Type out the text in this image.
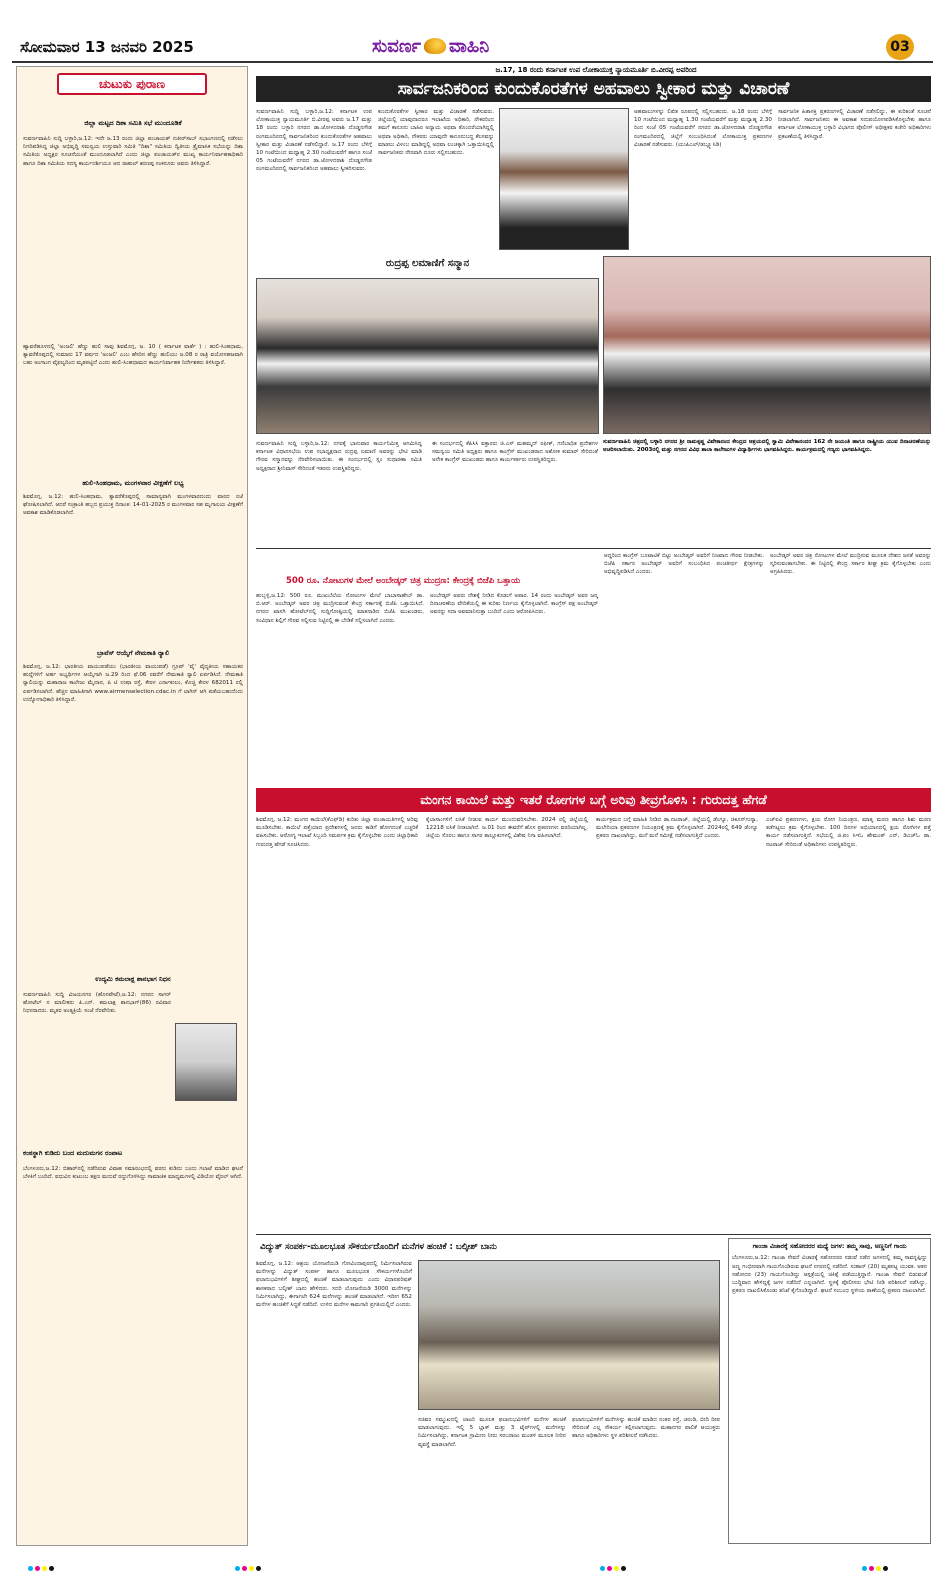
ಸೋಮವಾರ 13 ಜನವರಿ 2025	ಸುವರ್ಣ ವಾಹಿನಿ	03
ಚುಟುಕು ಪುರಾಣ
ಜಿಲ್ಲಾ ಮಟ್ಟದ ದಿಶಾ ಸಮಿತಿ ಸಭೆ ಮುಂದೂಡಿಕೆ
ಸುವರ್ಣವಾಹಿನಿ ಸುದ್ದಿ ಬಳ್ಳಾರಿ,ಜ.12: ಇದೇ ಜ.13 ರಂದು ಜಿಲ್ಲಾ ಪಂಚಾಯತ್ ನಜೀರ್‌ಸಾಬ್ ಸಭಾಂಗಣದಲ್ಲಿ ನಡೆಸಲು ನಿಗದಿಪಡಿಸಿದ್ದ ಜಿಲ್ಲಾ ಅಭಿವೃದ್ಧಿ ಸಮನ್ವಯ ಉಸ್ತುವಾರಿ ಸಮಿತಿ "ದಿಶಾ" ಸಮಿತಿಯ ದ್ವಿತೀಯ ತ್ರೈಮಾಸಿಕ ಸಭೆಯನ್ನು ದಿಶಾ ಸಮಿತಿಯ ಅಧ್ಯಕ್ಷರ ಸೂಚನೆಯಂತೆ ಮುಂದೂಡಲಾಗಿದೆ ಎಂದು ಜಿಲ್ಲಾ ಪಂಚಾಯತ್‌ನ ಮುಖ್ಯ ಕಾರ್ಯನಿರ್ವಾಹಕಾಧಿಕಾರಿ ಹಾಗೂ ದಿಶಾ ಸಮಿತಿಯ ಸದಸ್ಯ ಕಾರ್ಯದರ್ಶಿಯೂ ಆದ ರಾಹುಲ್ ಶರಣಪ್ಪ ಸಂಕನೂರು ಅವರು ತಿಳಿಸಿದ್ದಾರೆ.
ಹ್ಯಾವರೆಹೂಳದಲ್ಲಿ 'ಅಂಜಲಿ' ಹೆಣ್ಣು ಹುಲಿ ಸಾವು ಶಿವಮೊಗ್ಗ, ಜ. 10 ( ಕರ್ನಾಟಕ ವಾರ್ತೆ ) : ಹುಲಿ-ಸಿಂಹಧಾಮ, ತ್ಯಾವರೆಕೊಪ್ಪದಲ್ಲಿ ಸುಮಾರು 17 ವರ್ಷದ 'ಅಂಜಲಿ' ಎಂಬ ಹೆಸರಿನ ಹೆಣ್ಣು ಹುಲಿಯು ಜ.08 ರ ರಾತ್ರಿ ವಯೋಸಹಜವಾಗಿ ಬಹು ಅಂಗಾಂಗ ವೈಫಲ್ಯದಿಂದ ಮೃತಪಟ್ಟಿದೆ ಎಂದು ಹುಲಿ-ಸಿಂಹಧಾಮದ ಕಾರ್ಯನಿರ್ವಾಹಕ ನಿರ್ದೇಶಕರು ತಿಳಿಸಿದ್ದಾರೆ.
ಹುಲಿ-ಸಿಂಹಧಾಮ, ಮಂಗಳವಾರ ವೀಕ್ಷಣೆಗೆ ಲಭ್ಯ
ಶಿವಮೊಗ್ಗ, ಜ.12: ಹುಲಿ-ಸಿಂಹಧಾಮ, ತ್ಯಾವರೆಕೊಪ್ಪದಲ್ಲಿ ಸಾಮಾನ್ಯವಾಗಿ ಮಂಗಳವಾರದಂದು ವಾರದ ರಜೆ ಘೋಷಿಸಲಾಗಿದೆ. ಆದರೆ ಸಂಕ್ರಾಂತಿ ಹಬ್ಬದ ಪ್ರಯುಕ್ತ ದಿನಾಂಕ: 14-01-2025 ರ ಮಂಗಳವಾರ ಸಹ ಮೃಗಾಲಯ ವೀಕ್ಷಣೆಗೆ ಅವಕಾಶ ಮಾಡಿಕೊಡಲಾಗಿದೆ.
ಬ್ರಾವೆಸ್ ಆಯ್ಕೆಗೆ ನೇಮಕಾತಿ ರ್‍ಯಾಲಿ
ಶಿವಮೊಗ್ಗ, ಜ.12: ಭಾರತೀಯ ವಾಯುಪಡೆಯು (ಭಾರತೀಯ ವಾಯುಪಡೆ) ಗ್ರೂಪ್ 'ವೈ' ವೈದ್ಯಕೀಯ ಸಹಾಯಕರ ಹುದ್ದೆಗಳಿಗೆ ಅರ್ಹ ಅಭ್ಯರ್ಥಿಗಳ ಆಯ್ಕೆಗಾಗಿ ಜ.29 ರಿಂದ ಫೆ.06 ರವರೆಗೆ ನೇಮಕಾತಿ ರ್‍ಯಾಲಿ ಏರ್ಪಡಿಸಿದೆ. ನೇಮಕಾತಿ ರ್‍ಯಾಲಿಯನ್ನು ಮಹಾರಾಜ ಕಾಲೇಜು ಮೈದಾನ, ಪಿ ಟಿ ಉಷಾ ರಸ್ತೆ, ಕೇರಳ ಎರ್ನಾಕುಲಂ, ಕೊಚ್ಚಿ ಕೇರಳ 682011 ರಲ್ಲಿ ಏರ್ಪಡಿಸಲಾಗಿದೆ. ಹೆಚ್ಚಿನ ಮಾಹಿತಿಗಾಗಿ www.airmenselection.cdac.in ಗೆ ಲಾಗಿನ್ ಆಗಿ ಪಡೆಯಬಹುದೆಂದು ಉದ್ಯೋಗಾಧಿಕಾರಿ ತಿಳಿಸಿದ್ದಾರೆ.
ಉದ್ಯಮಿ ಕಮಲಾಕ್ಷ ಶಾನಭಾಗ ನಿಧನ
ಸುವರ್ಣವಾಹಿನಿ ಸುದ್ದಿ ವಿಜಯನಗರ (ಹೊಸಪೇಟೆ),ಜ.12: ನಗರದ ಸಾಗರ್ ಹೋಟೆಲ್ ನ ಮಾಲೀಕರು ಪಿ.ಎನ್. ಕಮಲಾಕ್ಷ ಶಾನಭಾಗ್(86) ರವಿವಾರ ನಿಧನರಾದರು. ಮೃತರ ಅಂತ್ಯಕ್ರಿಯೆ ಸಂಜೆ ನೆರವೇರಿತು.
ಕಂಠಸ್ಥಾಗಿ ಕುಡಿದು ಬಂದ ಮದುಮಗನ ರಂಪಾಟ
ಬೆಂಗಳೂರು,ಜ.12: ಬಿಹಾರ್‌ನಲ್ಲಿ ನಡೆದಿರುವ ವಿವಾಹ ಸಮಾರಂಭದಲ್ಲಿ ವರನು ಕುಡಿದು ಬಂದು ಗಲಾಟೆ ಮಾಡಿದ ಘಟನೆ ಬೆಳಕಿಗೆ ಬಂದಿದೆ. ವಧುವಿನ ಕುಟುಂಬ ತಕ್ಷಣ ಮದುವೆ ರದ್ದುಗೊಳಿಸಿದ್ದು ಸಾಮಾಜಿಕ ಮಾಧ್ಯಮಗಳಲ್ಲಿ ವಿಡಿಯೋ ವೈರಲ್ ಆಗಿದೆ.
ಜ.17, 18 ರಂದು ಕರ್ನಾಟಕ ಉಪ ಲೋಕಾಯುಕ್ತ ನ್ಯಾಯಮೂರ್ತಿ ಬಿ.ವೀರಪ್ಪ ಅವರಿಂದ
ಸಾರ್ವಜನಿಕರಿಂದ ಕುಂದುಕೊರತೆಗಳ ಅಹವಾಲು ಸ್ವೀಕಾರ ಮತ್ತು ವಿಚಾರಣೆ
ಸುವರ್ಣವಾಹಿನಿ ಸುದ್ದಿ ಬಳ್ಳಾರಿ,ಜ.12: ಕರ್ನಾಟಕ ಉಪ ಲೋಕಾಯುಕ್ತ ನ್ಯಾಯಮೂರ್ತಿ ಬಿ.ವೀರಪ್ಪ ಅವರು ಜ.17 ಮತ್ತು 18 ರಂದು ಬಳ್ಳಾರಿ ನಗರದ ಡಾ.ಜೋಳದರಾಶಿ ದೊಡ್ಡನಗೌಡ ರಂಗಮಂದಿರದಲ್ಲಿ ಸಾರ್ವಜನಿಕರಿಂದ ಕುಂದುಕೊರತೆಗಳ ಅಹವಾಲು ಸ್ವೀಕಾರ ಮತ್ತು ವಿಚಾರಣೆ ನಡೆಸಲಿದ್ದಾರೆ. ಜ.17 ರಂದು ಬೆಳಿಗ್ಗೆ 10 ಗಂಟೆಯಿಂದ ಮಧ್ಯಾಹ್ನ 2.30 ಗಂಟೆಯವರೆಗೆ ಹಾಗೂ ಸಂಜೆ 05 ಗಂಟೆಯವರೆಗೆ ನಗರದ ಡಾ.ಜೋಳದರಾಶಿ ದೊಡ್ಡನಗೌಡ ರಂಗಮಂದಿರದಲ್ಲಿ ಸಾರ್ವಜನಿಕರಿಂದ ಅಹವಾಲು ಸ್ವೀಕರಿಸುವರು.
ಕುಂದುಕೊರತೆಗಳ ಸ್ವೀಕಾರ ಮತ್ತು ವಿಚಾರಣೆ ನಡೆಸುವರು. ಜಿಲ್ಲೆಯಲ್ಲಿ ಯಾವುದಾದರೂ ಇಲಾಖೆಯ ಅಧಿಕಾರಿ, ನೌಕರರಿಂದ ತಮಗೆ ಕಾನೂನು ಬಾಹಿರ ಅನ್ಯಾಯ ಅಥವಾ ತೊಂದರೆಯಾಗಿದ್ದಲ್ಲಿ ಅಥವಾ ಅಧಿಕಾರಿ, ನೌಕರರು ಯಾವುದೇ ಕಾನೂನುಬದ್ಧ ಕೆಲಸವನ್ನು ಮಾಡಲು ವಿಳಂಬ ಮಾಡಿದ್ದಲ್ಲಿ ಅಥವಾ ಲಂಚಕ್ಕಾಗಿ ಒತ್ತಾಯಿಸಿದ್ದಲ್ಲಿ ಸಾರ್ವಜನಿಕರು ನೇರವಾಗಿ ದೂರು ಸಲ್ಲಿಸಬಹುದು.
ಅಹವಾಲುಗಳನ್ನು ಲಿಖಿತ ರೂಪದಲ್ಲಿ ಸಲ್ಲಿಸಬಹುದು. ಜ.18 ರಂದು ಬೆಳಿಗ್ಗೆ 10 ಗಂಟೆಯಿಂದ ಮಧ್ಯಾಹ್ನ 1.30 ಗಂಟೆಯವರೆಗೆ ಮತ್ತು ಮಧ್ಯಾಹ್ನ 2.30 ರಿಂದ ಸಂಜೆ 05 ಗಂಟೆಯವರೆಗೆ ನಗರದ ಡಾ.ಜೋಳದರಾಶಿ ದೊಡ್ಡನಗೌಡ ರಂಗಮಂದಿರದಲ್ಲಿ ಜಿಲ್ಲೆಗೆ ಸಂಬಂಧಿಸಿದಂತೆ ಲೋಕಾಯುಕ್ತ ಪ್ರಕರಣಗಳ ವಿಚಾರಣೆ ನಡೆಸುವರು. (ಯುಪಿಎಲ್/ಡಬ್ಲ್ಯೂಸಿಡಿ)
ಸಾರ್ವಜನಿಕ ಹಿತಾಸಕ್ತಿ ಪ್ರಕರಣಗಳಲ್ಲಿ ವಿಚಾರಣೆ ನಡೆಸಲಿದ್ದು, ಈ ಕುರಿತಂತೆ ಸೂಚನೆ ನೀಡಲಾಗಿದೆ. ಸಾರ್ವಜನಿಕರು ಈ ಅವಕಾಶ ಸದುಪಯೋಗಪಡಿಸಿಕೊಳ್ಳಬೇಕು ಹಾಗೂ ಕರ್ನಾಟಕ ಲೋಕಾಯುಕ್ತ ಬಳ್ಳಾರಿ ವಿಭಾಗದ ಪೊಲೀಸ್ ಅಧೀಕ್ಷಕರ ಕಚೇರಿ ಅಧಿಕಾರಿಗಳು ಪ್ರಕಟಣೆಯಲ್ಲಿ ತಿಳಿಸಿದ್ದಾರೆ.
ರುದ್ರಪ್ಪ ಲಮಾಣಿಗೆ ಸನ್ಮಾನ
ಸುವರ್ಣವಾಹಿನಿ ಸುದ್ದಿ ಬಳ್ಳಾರಿ,ಜ.12: ನಗರಕ್ಕೆ ಭಾನುವಾರ ಕಾರ್ಯನಿಮಿತ್ತ ಆಗಮಿಸಿದ್ದ ಕರ್ನಾಟಕ ವಿಧಾನಸಭೆಯ ಉಪ ಸಭಾಧ್ಯಕ್ಷರಾದ ರುದ್ರಪ್ಪ ಲಮಾಣಿ ಅವರನ್ನು ಭೇಟಿ ಮಾಡಿ ಗೌರವ ಸನ್ಮಾನವನ್ನು ನೆರವೇರಿಸಲಾಯಿತು. ಈ ಸಂದರ್ಭದಲ್ಲಿ ಸ್ಲಂ ಸುಧಾರಣಾ ಸಮಿತಿ ಅಧ್ಯಕ್ಷರಾದ ಶ್ರೀನಿವಾಸ್ ಸೇರಿದಂತೆ ಇತರರು ಉಪಸ್ಥಿತರಿದ್ದರು.
ಈ ಸಂದರ್ಭದಲ್ಲಿ ಕೆಪಿಸಿಸಿ ವಕ್ತಾರರು ಜಿ.ಎಸ್ ಮಹಮ್ಮದ್ ರಫೀಕ್, ಗಣಿಬಾಧಿತ ಪ್ರದೇಶಗಳ ಸಮನ್ವಯ ಸಮಿತಿ ಅಧ್ಯಕ್ಷರು ಹಾಗೂ ಕಾಂಗ್ರೆಸ್ ಮುಖಂಡರಾದ ಅಶೋಕ ಕುಮಾರ್ ಸೇರಿದಂತೆ ಅನೇಕ ಕಾಂಗ್ರೆಸ್ ಮುಖಂಡರು ಹಾಗೂ ಕಾರ್ಯಕರ್ತರು ಉಪಸ್ಥಿತರಿದ್ದರು.
ಸುವರ್ಣವಾಹಿನಿ ಚಿತ್ರದಲ್ಲಿ ಬಳ್ಳಾರಿ ನಗರದ ಶ್ರೀ ರಾಮಕೃಷ್ಣ ವಿವೇಕಾನಂದ ಕೇಂದ್ರದ ಆಶ್ರಯದಲ್ಲಿ ಸ್ವಾಮಿ ವಿವೇಕಾನಂದರ 162 ನೇ ಜಯಂತಿ ಹಾಗೂ ರಾಷ್ಟ್ರೀಯ ಯುವ ದಿನಾಚರಣೆಯನ್ನು ಆಚರಿಸಲಾಯಿತು. 2003ರಲ್ಲಿ ಮತ್ತು ನಗರದ ವಿವಿಧ ಶಾಲಾ ಕಾಲೇಜುಗಳ ವಿದ್ಯಾರ್ಥಿಗಳು ಭಾಗವಹಿಸಿದ್ದರು. ಕಾರ್ಯಕ್ರಮದಲ್ಲಿ ಗಣ್ಯರು ಭಾಗವಹಿಸಿದ್ದರು.
500 ರೂ. ನೋಟುಗಳ ಮೇಲೆ ಅಂಬೇಡ್ಕರ್ ಚಿತ್ರ ಮುದ್ರಣ: ಕೇಂದ್ರಕ್ಕೆ ಬಿಜೆಪಿ ಒತ್ತಾಯ
ಹುಬ್ಬಳ್ಳಿ,ಜ.12: 500 ರೂ. ಮುಖಬೆಲೆಯ ನೋಟುಗಳ ಮೇಲೆ ಬಾಬಾಸಾಹೇಬ್ ಡಾ. ಬಿ.ಆರ್. ಅಂಬೇಡ್ಕರ್ ಅವರ ಚಿತ್ರ ಮುದ್ರಿಸುವಂತೆ ಕೇಂದ್ರ ಸರ್ಕಾರಕ್ಕೆ ಬಿಜೆಪಿ ಒತ್ತಾಯಿಸಿದೆ. ನಗರದ ಖಾಸಗಿ ಹೋಟೆಲ್‌ನಲ್ಲಿ ಸುದ್ದಿಗೋಷ್ಠಿಯಲ್ಲಿ ಮಾತನಾಡಿದ ಬಿಜೆಪಿ ಮುಖಂಡರು, ಸಂವಿಧಾನ ಶಿಲ್ಪಿಗೆ ಗೌರವ ಸಲ್ಲಿಸುವ ನಿಟ್ಟಿನಲ್ಲಿ ಈ ಬೇಡಿಕೆ ಸಲ್ಲಿಸಲಾಗಿದೆ ಎಂದರು.
ಅಂಬೇಡ್ಕರ್ ಅವರು ದೇಶಕ್ಕೆ ನೀಡಿದ ಕೊಡುಗೆ ಅಪಾರ. 14 ರಂದು ಅಂಬೇಡ್ಕರ್ ಅವರ ಜನ್ಮ ದಿನಾಚರಣೆಯ ವೇದಿಕೆಯಲ್ಲಿ ಈ ಕುರಿತು ನಿರ್ಣಯ ಕೈಗೊಳ್ಳಲಾಗಿದೆ. ಕಾಂಗ್ರೆಸ್ ಪಕ್ಷ ಅಂಬೇಡ್ಕರ್ ಅವರನ್ನು ಸದಾ ಅವಮಾನಿಸುತ್ತಾ ಬಂದಿದೆ ಎಂದು ಆರೋಪಿಸಿದರು.
ಆದ್ದರಿಂದ ಕಾಂಗ್ರೆಸ್ ಬೂಟಾಟಿಕೆ ಬಿಟ್ಟು ಅಂಬೇಡ್ಕರ್ ಅವರಿಗೆ ನಿಜವಾದ ಗೌರವ ನೀಡಬೇಕು. ಬಿಜೆಪಿ ಸರ್ಕಾರ ಅಂಬೇಡ್ಕರ್ ಅವರಿಗೆ ಸಂಬಂಧಿಸಿದ ಪಂಚತೀರ್ಥ ಕ್ಷೇತ್ರಗಳನ್ನು ಅಭಿವೃದ್ಧಿಪಡಿಸಿದೆ ಎಂದರು.
ಅಂಬೇಡ್ಕರ್ ಅವರ ಚಿತ್ರ ನೋಟುಗಳ ಮೇಲೆ ಮುದ್ರಿಸುವ ಮೂಲಕ ದೇಶದ ಜನತೆ ಅವರನ್ನು ಸ್ಮರಿಸುವಂತಾಗಬೇಕು. ಈ ನಿಟ್ಟಿನಲ್ಲಿ ಕೇಂದ್ರ ಸರ್ಕಾರ ಶೀಘ್ರ ಕ್ರಮ ಕೈಗೊಳ್ಳಬೇಕು ಎಂದು ಆಗ್ರಹಿಸಿದರು.
ಮಂಗನ ಕಾಯಿಲೆ ಮತ್ತು ಇತರೆ ರೋಗಗಳ ಬಗ್ಗೆ ಅರಿವು ತೀವ್ರಗೊಳಿಸಿ : ಗುರುದತ್ತ ಹೆಗಡೆ
ಶಿವಮೊಗ್ಗ, ಜ.12: ಮಂಗನ ಕಾಯಿಲೆ(ಕೆಎಫ್‌ಡಿ) ಕುರಿತು ಜಿಲ್ಲಾ ಪಂಚಾಯತಿಗಳಲ್ಲಿ ಅರಿವು ಮೂಡಿಸಬೇಕು. ಕಾಯಿಲೆ ಪತ್ತೆಯಾದ ಪ್ರದೇಶಗಳಲ್ಲಿ ಜನರು ಕಾಡಿಗೆ ಹೋಗದಂತೆ ಎಚ್ಚರಿಕೆ ವಹಿಸಬೇಕು. ಆರೋಗ್ಯ ಇಲಾಖೆ ಸಿಬ್ಬಂದಿ ಸಮರ್ಪಕ ಕ್ರಮ ಕೈಗೊಳ್ಳಬೇಕು ಎಂದು ಜಿಲ್ಲಾಧಿಕಾರಿ ಗುರುದತ್ತ ಹೆಗಡೆ ಸೂಚಿಸಿದರು.
ಕೈಲಾಸಾಂಗಳಿಗೆ ಲಸಿಕೆ ನೀಡುವ ಕಾರ್ಯ ಮುಂದುವರಿಸಬೇಕು. 2024 ರಲ್ಲಿ ಜಿಲ್ಲೆಯಲ್ಲಿ 12218 ಲಸಿಕೆ ನೀಡಲಾಗಿದೆ. ಜ.01 ರಿಂದ ಈವರೆಗೆ ಹೊಸ ಪ್ರಕರಣಗಳು ವರದಿಯಾಗಿಲ್ಲ. ಜಿಲ್ಲೆಯ ಸೊರಬ ಹಾಗೂ ಸಾಗರ ತಾಲ್ಲೂಕುಗಳಲ್ಲಿ ವಿಶೇಷ ನಿಗಾ ವಹಿಸಲಾಗಿದೆ.
ಕಾರ್ಯಕ್ರಮದ ಬಗ್ಗೆ ಮಾಹಿತಿ ನೀಡಿದ ಡಾ.ನಟರಾಜ್, ಜಿಲ್ಲೆಯಲ್ಲಿ ಡೆಂಗ್ಯೂ, ಚಿಕೂನ್‌ಗುನ್ಯಾ, ಮಲೇರಿಯಾ ಪ್ರಕರಣಗಳ ನಿಯಂತ್ರಣಕ್ಕೆ ಕ್ರಮ ಕೈಗೊಳ್ಳಲಾಗಿದೆ. 2024ರಲ್ಲಿ 649 ಡೆಂಗ್ಯೂ ಪ್ರಕರಣ ದಾಖಲಾಗಿದ್ದು, ಮನೆ ಮನೆ ಸಮೀಕ್ಷೆ ನಡೆಸಲಾಗುತ್ತಿದೆ ಎಂದರು.
ಎಚ್‌ಐವಿ ಪ್ರಕರಣಗಳು, ಕ್ಷಯ ರೋಗ ನಿಯಂತ್ರಣ, ಮಾತೃ ಮರಣ ಹಾಗೂ ಶಿಶು ಮರಣ ತಡೆಗಟ್ಟಲು ಕ್ರಮ ಕೈಗೊಳ್ಳಬೇಕು. 100 ದಿನಗಳ ಅಭಿಯಾನದಲ್ಲಿ ಕ್ಷಯ ರೋಗಿಗಳ ಪತ್ತೆ ಕಾರ್ಯ ನಡೆಸಲಾಗುತ್ತಿದೆ. ಸಭೆಯಲ್ಲಿ ಜಿ.ಪಂ ಸಿಇಓ ಹೇಮಂತ್ ಎನ್, ಡಿಎಚ್‌ಓ ಡಾ. ನಟರಾಜ್ ಸೇರಿದಂತೆ ಅಧಿಕಾರಿಗಳು ಉಪಸ್ಥಿತರಿದ್ದರು.
ವಿದ್ಯುತ್ ಸಂಪರ್ಕ-ಮೂಲಭೂತ ಸೌಕರ್ಯದೊಂದಿಗೆ ಮನೆಗಳ ಹಂಚಿಕೆ : ಬಲ್ಕೀಶ್ ಬಾನು
ಶಿವಮೊಗ್ಗ, ಜ.12: ಆಶ್ರಯ ಯೋಜನೆಯಡಿ ಗೋವಿಂದಾಪುರದಲ್ಲಿ ನಿರ್ಮಿಸಲಾಗಿರುವ ಮನೆಗಳನ್ನು ವಿದ್ಯುತ್ ಸಂಪರ್ಕ ಹಾಗೂ ಮೂಲಭೂತ ಸೌಕರ್ಯಗಳೊಂದಿಗೆ ಫಲಾನುಭವಿಗಳಿಗೆ ಶೀಘ್ರದಲ್ಲಿ ಹಂಚಿಕೆ ಮಾಡಲಾಗುವುದು ಎಂದು ವಿಧಾನಪರಿಷತ್ ಶಾಸಕರಾದ ಬಲ್ಕೀಶ್ ಬಾನು ಹೇಳಿದರು. ಸದರಿ ಯೋಜನೆಯಡಿ 3000 ಮನೆಗಳನ್ನು ನಿರ್ಮಿಸಲಾಗಿದ್ದು, ಈಗಾಗಲೇ 624 ಮನೆಗಳನ್ನು ಹಂಚಿಕೆ ಮಾಡಲಾಗಿದೆ. ಇದೀಗ 652 ಮನೆಗಳ ಹಂಚಿಕೆಗೆ ಸಿದ್ಧತೆ ನಡೆದಿದೆ. ಉಳಿದ ಮನೆಗಳ ಕಾಮಗಾರಿ ಪ್ರಗತಿಯಲ್ಲಿದೆ ಎಂದರು.
ಸಚಿವರ ಸಮ್ಮುಖದಲ್ಲಿ ಲಾಟರಿ ಮೂಲಕ ಫಲಾನುಭವಿಗಳಿಗೆ ಮನೆಗಳ ಹಂಚಿಕೆ ಮಾಡಲಾಗುವುದು. ಇಲ್ಲಿ 5 ಬ್ಲಾಕ್ ಮತ್ತು 3 ಟೈಪ್‌ಗಳಲ್ಲಿ ಮನೆಗಳನ್ನು ನಿರ್ಮಿಸಲಾಗಿದ್ದು, ಕರ್ನಾಟಕ ಗ್ರಾಮೀಣ ನೀರು ಸರಬರಾಜು ಮಂಡಳಿ ಮೂಲಕ ನೀರಿನ ವ್ಯವಸ್ಥೆ ಮಾಡಲಾಗಿದೆ.
ಫಲಾನುಭವಿಗಳಿಗೆ ಮನೆಗಳನ್ನು ಹಂಚಿಕೆ ಮಾಡಿದ ನಂತರ ರಸ್ತೆ, ಚರಂಡಿ, ಬೀದಿ ದೀಪ ಸೇರಿದಂತೆ ಎಲ್ಲ ಸೌಕರ್ಯ ಕಲ್ಪಿಸಲಾಗುವುದು. ಮಹಾನಗರ ಪಾಲಿಕೆ ಆಯುಕ್ತರು ಹಾಗೂ ಅಧಿಕಾರಿಗಳು ಸ್ಥಳ ಪರಿಶೀಲನೆ ನಡೆಸಿದರು.
ಗಾಂಜಾ ವಿಚಾರಕ್ಕೆ ಸಹೋದರರ ಮಧ್ಯೆ ಜಗಳ: ತಮ್ಮ ಸಾವು, ಅಣ್ಣನಿಗೆ ಗಾಯ
ಬೆಂಗಳೂರು,ಜ.12: ಗಾಂಜಾ ಸೇವನೆ ವಿಚಾರಕ್ಕೆ ಸಹೋದರರ ನಡುವೆ ನಡೆದ ಜಗಳದಲ್ಲಿ ತಮ್ಮ ಸಾವನ್ನಪ್ಪಿದ್ದು ಅಣ್ಣ ಗಂಭೀರವಾಗಿ ಗಾಯಗೊಂಡಿರುವ ಘಟನೆ ನಗರದಲ್ಲಿ ನಡೆದಿದೆ. ಸುಹಾನ್ (20) ಮೃತಪಟ್ಟ ಯುವಕ. ಆತನ ಸಹೋದರ (23) ಗಾಯಗೊಂಡಿದ್ದು ಆಸ್ಪತ್ರೆಯಲ್ಲಿ ಚಿಕಿತ್ಸೆ ಪಡೆಯುತ್ತಿದ್ದಾನೆ. ಗಾಂಜಾ ಸೇವನೆ ಬಿಡುವಂತೆ ಬುದ್ಧಿವಾದ ಹೇಳಿದ್ದಕ್ಕೆ ಜಗಳ ನಡೆದಿದೆ ಎನ್ನಲಾಗಿದೆ. ಸ್ಥಳಕ್ಕೆ ಪೊಲೀಸರು ಭೇಟಿ ನೀಡಿ ಪರಿಶೀಲನೆ ನಡೆಸಿದ್ದು, ಪ್ರಕರಣ ದಾಖಲಿಸಿಕೊಂಡು ತನಿಖೆ ಕೈಗೊಂಡಿದ್ದಾರೆ. ಘಟನೆ ಸಂಬಂಧ ಸ್ಥಳೀಯ ಠಾಣೆಯಲ್ಲಿ ಪ್ರಕರಣ ದಾಖಲಾಗಿದೆ.
